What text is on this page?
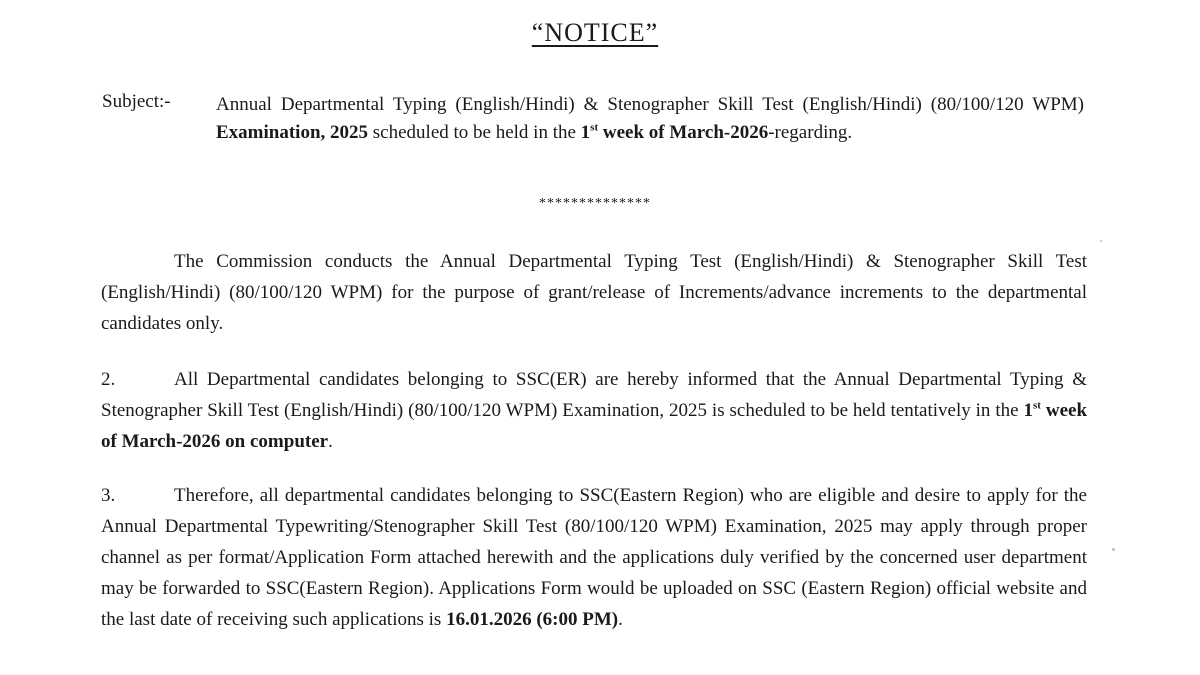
“NOTICE”
Subject:- Annual Departmental Typing (English/Hindi) & Stenographer Skill Test (English/Hindi) (80/100/120 WPM) Examination, 2025 scheduled to be held in the 1st week of March-2026-regarding.
**************
The Commission conducts the Annual Departmental Typing Test (English/Hindi) & Stenographer Skill Test (English/Hindi) (80/100/120 WPM) for the purpose of grant/release of Increments/advance increments to the departmental candidates only.
2.	All Departmental candidates belonging to SSC(ER) are hereby informed that the Annual Departmental Typing & Stenographer Skill Test (English/Hindi) (80/100/120 WPM) Examination, 2025 is scheduled to be held tentatively in the 1st week of March-2026 on computer.
3.	Therefore, all departmental candidates belonging to SSC(Eastern Region) who are eligible and desire to apply for the Annual Departmental Typewriting/Stenographer Skill Test (80/100/120 WPM) Examination, 2025 may apply through proper channel as per format/Application Form attached herewith and the applications duly verified by the concerned user department may be forwarded to SSC(Eastern Region). Applications Form would be uploaded on SSC (Eastern Region) official website and the last date of receiving such applications is 16.01.2026 (6:00 PM).
